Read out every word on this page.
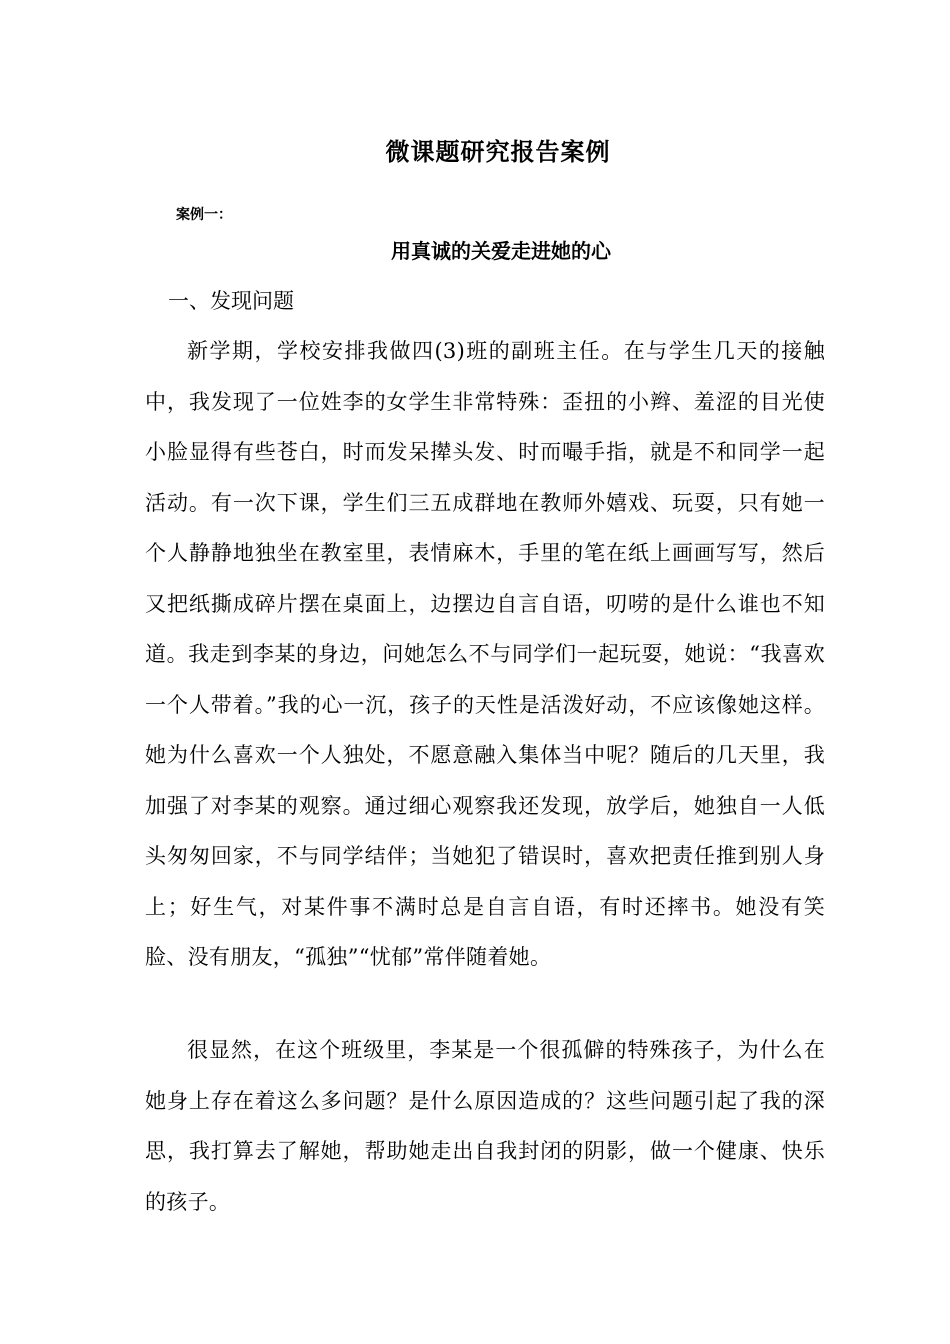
微课题研究报告案例
案例一：
用真诚的关爱走进她的心
一、发现问题
新学期，学校安排我做四(3)班的副班主任。在与学生几天的接触中，我发现了一位姓李的女学生非常特殊：歪扭的小辫、羞涩的目光使小脸显得有些苍白，时而发呆撵头发、时而嘬手指，就是不和同学一起活动。有一次下课，学生们三五成群地在教师外嬉戏、玩耍，只有她一个人静静地独坐在教室里，表情麻木，手里的笔在纸上画画写写，然后又把纸撕成碎片摆在桌面上，边摆边自言自语，叨唠的是什么谁也不知道。我走到李某的身边，问她怎么不与同学们一起玩耍，她说：“我喜欢一个人带着。”我的心一沉，孩子的天性是活泼好动，不应该像她这样。她为什么喜欢一个人独处，不愿意融入集体当中呢？随后的几天里，我加强了对李某的观察。通过细心观察我还发现，放学后，她独自一人低头匆匆回家，不与同学结伴；当她犯了错误时，喜欢把责任推到别人身上；好生气，对某件事不满时总是自言自语，有时还摔书。她没有笑脸、没有朋友，“孤独”“忧郁”常伴随着她。
很显然，在这个班级里，李某是一个很孤僻的特殊孩子，为什么在她身上存在着这么多问题？是什么原因造成的？这些问题引起了我的深思，我打算去了解她，帮助她走出自我封闭的阴影，做一个健康、快乐的孩子。
